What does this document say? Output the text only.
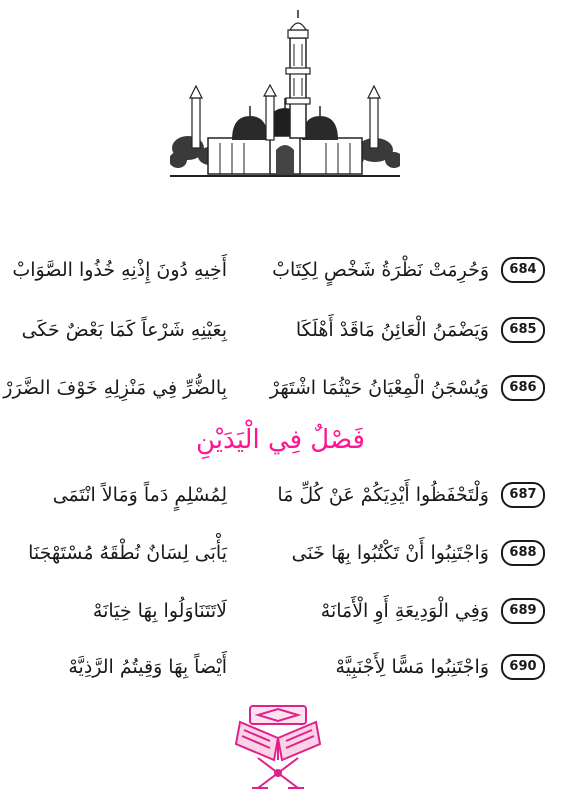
684
وَحُرِمَتْ نَظْرَةُ شَخْصٍ لِكِتَابْ
أَخِيهِ دُونَ إِذْنِهِ خُذُوا الصَّوَابْ
685
وَيَضْمَنُ الْعَائِنُ مَاقَدْ أَهْلَكَا
بِعَيْنِهِ شَرْعاً كَمَا بَعْضٌ حَكَى
686
وَيُسْجَنُ الْمِعْيَانُ حَيْثُمَا اشْتَهَرْ
بِالضُّرِّ فِي مَنْزِلِهِ خَوْفَ الضَّرَرْ
فَصْلٌ فِي الْيَدَيْنِ
687
وَلْتَحْفَظُوا أَيْدِيَكُمْ عَنْ كُلِّ مَا
لِمُسْلِمٍ دَماً وَمَالاً انْتَمَى
688
وَاجْتَنِبُوا أَنْ تَكْتُبُوا بِهَا خَنَى
يَأْبَى لِسَانٌ نُطْقَهُ مُسْتَهْجَنَا
689
وَفِي الْوَدِيعَةِ أَوِ الْأَمَانَهْ
لَاتَتَنَاوَلُوا بِهَا خِيَانَهْ
690
وَاجْتَنِبُوا مَسًّا لِأَجْنَبِيَّهْ
أَيْضاً بِهَا وَقِيتُمُ الرَّذِيَّهْ
